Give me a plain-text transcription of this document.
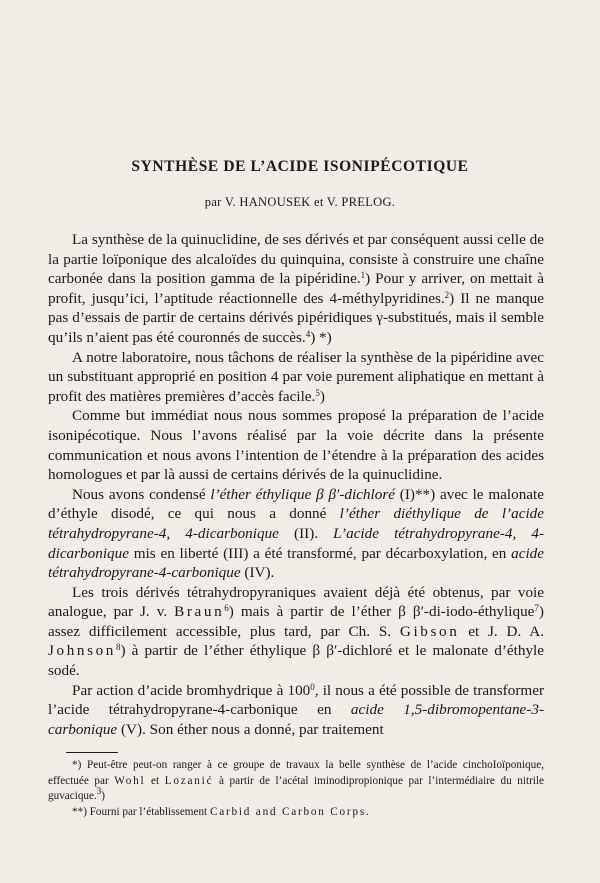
SYNTHÈSE DE L’ACIDE ISONIPÉCOTIQUE
par V. HANOUSEK et V. PRELOG.

La synthèse de la quinuclidine, de ses dérivés et par conséquent aussi celle de la partie loïponique des alcaloïdes du quinquina, consiste à construire une chaîne carbonée dans la position gamma de la pipéridine.$^1$) Pour y arriver, on mettait à profit, jusqu’ici, l’aptitude réactionnelle des 4-méthylpyridines.$^2$) Il ne manque pas d’essais de partir de certains dérivés pipéridiques γ-substitués, mais il semble qu’ils n’aient pas été couronnés de succès.$^4$) *)

A notre laboratoire, nous tâchons de réaliser la synthèse de la pipéridine avec un substituant approprié en position 4 par voie purement aliphatique en mettant à profit des matières premières d’accès facile.$^5$)

Comme but immédiat nous nous sommes proposé la préparation de l’acide isonipécotique. Nous l’avons réalisé par la voie décrite dans la présente communication et nous avons l’intention de l’étendre à la préparation des acides homologues et par là aussi de certains dérivés de la quinuclidine.

Nous avons condensé l’éther éthylique β β′-dichloré (I)**) avec le malonate d’éthyle disodé, ce qui nous a donné l’éther diéthylique de l’acide tétrahydropyrane-4, 4-dicarbonique (II). L’acide tétrahydropyrane-4, 4-dicarbonique mis en liberté (III) a été transformé, par décarboxylation, en acide tétrahydropyrane-4-carbonique (IV).

Les trois dérivés tétrahydropyraniques avaient déjà été obtenus, par voie analogue, par J. v. Braun$^6$) mais à partir de l’éther β β′-di-iodo-éthylique$^7$) assez difficilement accessible, plus tard, par Ch. S. Gibson et J. D. A. Johnson$^8$) à partir de l’éther éthylique β β′-dichloré et le malonate d’éthyle sodé.

Par action d’acide bromhydrique à $100^0$, il nous a été possible de transformer l’acide tétrahydropyrane-4-carbonique en acide 1,5-dibromopentane-3-carbonique (V). Son éther nous a donné, par traitement

*) Peut-être peut-on ranger à ce groupe de travaux la belle synthèse de l’acide cinchoIoïponique, effectuée par Wohl et Lozanić à partir de l’acétal iminodipropionique par l’intermédiaire du nitrile guvacique.$^3$)

**) Fourni par l’établissement Carbid and Carbon Corps.
